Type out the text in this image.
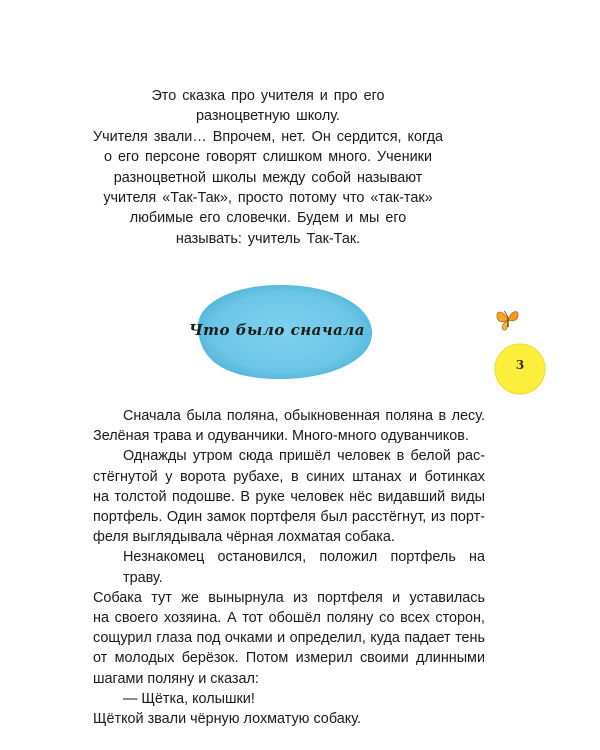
Это сказка про учителя и про его
разноцветную школу.
Учителя звали… Впрочем, нет. Он сердится, когда
о его персоне говорят слишком много. Ученики
разноцветной школы между собой называют
учителя «Так-Так», просто потому что «так-так»
любимые его словечки. Будем и мы его
называть: учитель Так-Так.
Что было сначала
3
Сначала была поляна, обыкновенная поляна в лесу.
Зелёная трава и одуванчики. Много-много одуванчиков.
Однажды утром сюда пришёл человек в белой рас-
стёгнутой у ворота рубахе, в синих штанах и ботинках
на толстой подошве. В руке человек нёс видавший виды
портфель. Один замок портфеля был расстёгнут, из порт-
феля выглядывала чёрная лохматая собака.
Незнакомец остановился, положил портфель на траву.
Собака тут же вынырнула из портфеля и уставилась
на своего хозяина. А тот обошёл поляну со всех сторон,
сощурил глаза под очками и определил, куда падает тень
от молодых берёзок. Потом измерил своими длинными
шагами поляну и сказал:
— Щётка, колышки!
Щёткой звали чёрную лохматую собаку.
